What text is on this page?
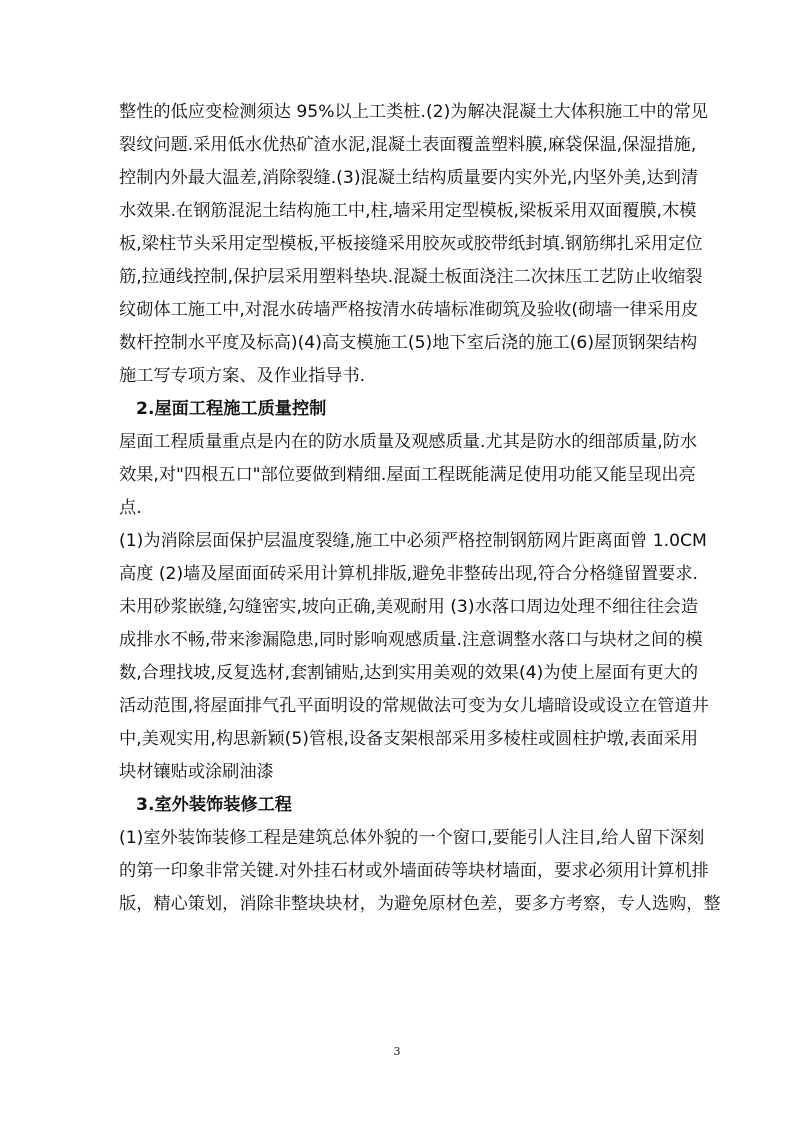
整性的低应变检测须达 95%以上工类桩.(2)为解决混凝土大体积施工中的常见
裂纹问题.采用低水优热矿渣水泥,混凝土表面覆盖塑料膜,麻袋保温,保湿措施,
控制内外最大温差,消除裂缝.(3)混凝土结构质量要内实外光,内坚外美,达到清
水效果.在钢筋混泥土结构施工中,柱,墙采用定型模板,梁板采用双面覆膜,木模
板,梁柱节头采用定型模板,平板接缝采用胶灰或胶带纸封填.钢筋绑扎采用定位
筋,拉通线控制,保护层采用塑料垫块.混凝土板面浇注二次抹压工艺防止收缩裂
纹砌体工施工中,对混水砖墙严格按清水砖墙标准砌筑及验收(砌墙一律采用皮
数杆控制水平度及标高)(4)高支模施工(5)地下室后浇的施工(6)屋顶钢架结构
施工写专项方案、及作业指导书.
2.屋面工程施工质量控制
屋面工程质量重点是内在的防水质量及观感质量.尤其是防水的细部质量,防水
效果,对"四根五口"部位要做到精细.屋面工程既能满足使用功能又能呈现出亮
点.
(1)为消除层面保护层温度裂缝,施工中必须严格控制钢筋网片距离面曾 1.0CM
高度 (2)墙及屋面面砖采用计算机排版,避免非整砖出现,符合分格缝留置要求.
未用砂浆嵌缝,勾缝密实,坡向正确,美观耐用 (3)水落口周边处理不细往往会造
成排水不畅,带来渗漏隐患,同时影响观感质量.注意调整水落口与块材之间的模
数,合理找坡,反复选材,套割铺贴,达到实用美观的效果(4)为使上屋面有更大的
活动范围,将屋面排气孔平面明设的常规做法可变为女儿墙暗设或设立在管道井
中,美观实用,构思新颖(5)管根,设备支架根部采用多棱柱或圆柱护墩,表面采用
块材镶贴或涂刷油漆
3.室外装饰装修工程
(1)室外装饰装修工程是建筑总体外貌的一个窗口,要能引人注目,给人留下深刻
的第一印象非常关键.对外挂石材或外墙面砖等块材墙面，要求必须用计算机排
版，精心策划，消除非整块块材，为避免原材色差，要多方考察，专人选购，整
3
